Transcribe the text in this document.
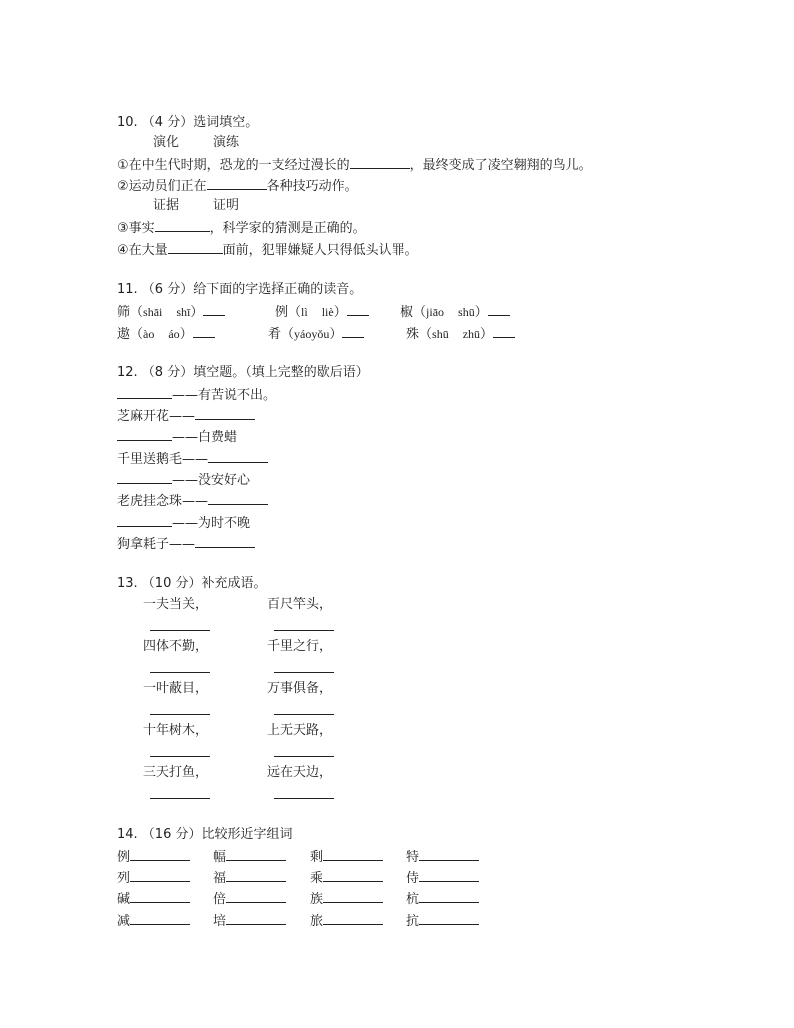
10. （4 分）选词填空。
演化	演练
①在中生代时期，恐龙的一支经过漫长的	，最终变成了凌空翱翔的鸟儿。
②运动员们正在	各种技巧动作。
证据	证明
③事实	，科学家的猜测是正确的。
④在大量	面前，犯罪嫌疑人只得低头认罪。
11. （6 分）给下面的字选择正确的读音。
筛（shāi shī）	例（lì liè）	椒（jiāo shū）
遨（ào áo）	肴（yáoyǒu）	殊（shū zhū）
12. （8 分）填空题。（填上完整的歇后语）
——有苦说不出。
芝麻开花——
——白费蜡
千里送鹅毛——
——没安好心
老虎挂念珠——
——为时不晚
狗拿耗子——
13. （10 分）补充成语。
一夫当关，	百尺竿头，
四体不勤，	千里之行，
一叶蔽目，	万事俱备，
十年树木，	上无天路，
三天打鱼，	远在天边，
14. （16 分）比较形近字组词
例	幅	剩	特
列	福	乘	侍
碱	倍	族	杭
减	培	旅	抗
